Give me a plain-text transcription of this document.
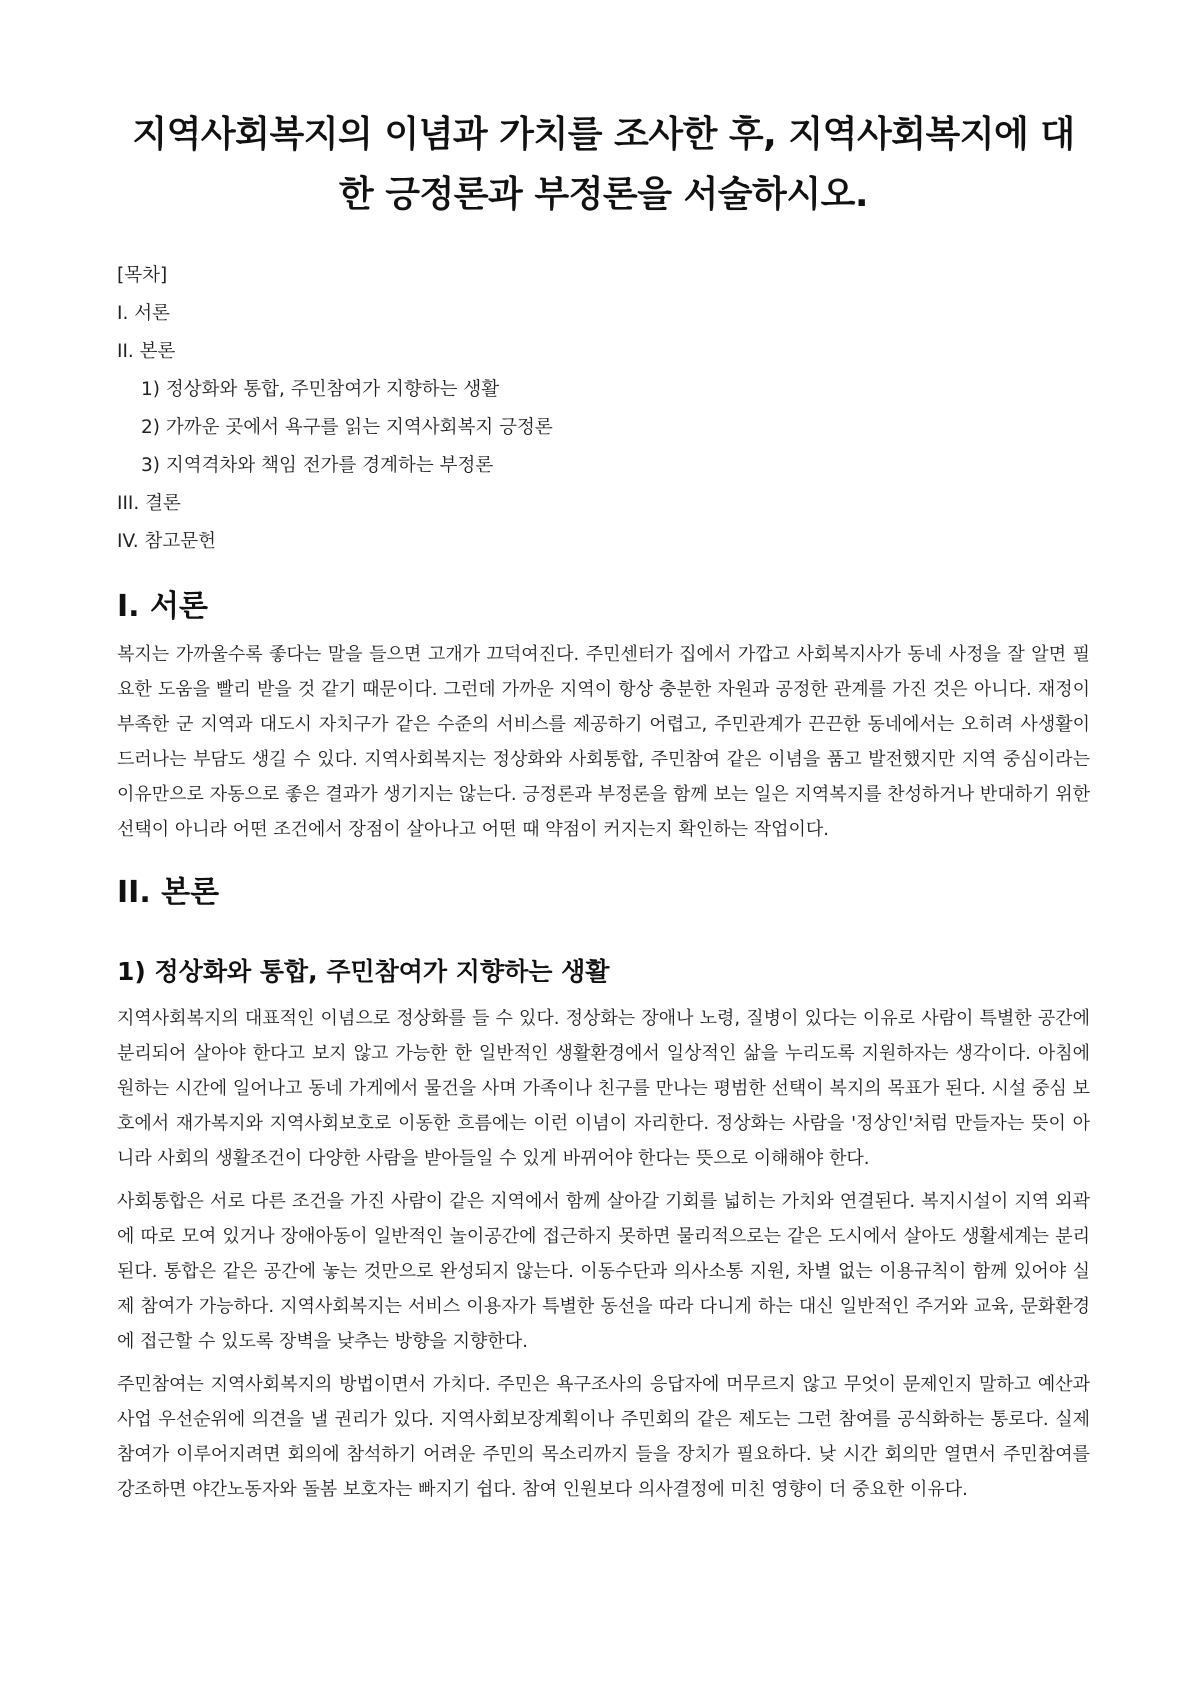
지역사회복지의 이념과 가치를 조사한 후, 지역사회복지에 대한 긍정론과 부정론을 서술하시오.
[목차]
I. 서론
II. 본론
1) 정상화와 통합, 주민참여가 지향하는 생활
2) 가까운 곳에서 욕구를 읽는 지역사회복지 긍정론
3) 지역격차와 책임 전가를 경계하는 부정론
III. 결론
IV. 참고문헌
I. 서론

복지는 가까울수록 좋다는 말을 들으면 고개가 끄덕여진다. 주민센터가 집에서 가깝고 사회복지사가 동네 사정을 잘 알면 필요한 도움을 빨리 받을 것 같기 때문이다. 그런데 가까운 지역이 항상 충분한 자원과 공정한 관계를 가진 것은 아니다. 재정이 부족한 군 지역과 대도시 자치구가 같은 수준의 서비스를 제공하기 어렵고, 주민관계가 끈끈한 동네에서는 오히려 사생활이 드러나는 부담도 생길 수 있다. 지역사회복지는 정상화와 사회통합, 주민참여 같은 이념을 품고 발전했지만 지역 중심이라는 이유만으로 자동으로 좋은 결과가 생기지는 않는다. 긍정론과 부정론을 함께 보는 일은 지역복지를 찬성하거나 반대하기 위한 선택이 아니라 어떤 조건에서 장점이 살아나고 어떤 때 약점이 커지는지 확인하는 작업이다.

II. 본론
1) 정상화와 통합, 주민참여가 지향하는 생활

지역사회복지의 대표적인 이념으로 정상화를 들 수 있다. 정상화는 장애나 노령, 질병이 있다는 이유로 사람이 특별한 공간에 분리되어 살아야 한다고 보지 않고 가능한 한 일반적인 생활환경에서 일상적인 삶을 누리도록 지원하자는 생각이다. 아침에 원하는 시간에 일어나고 동네 가게에서 물건을 사며 가족이나 친구를 만나는 평범한 선택이 복지의 목표가 된다. 시설 중심 보호에서 재가복지와 지역사회보호로 이동한 흐름에는 이런 이념이 자리한다. 정상화는 사람을 '정상인'처럼 만들자는 뜻이 아니라 사회의 생활조건이 다양한 사람을 받아들일 수 있게 바뀌어야 한다는 뜻으로 이해해야 한다.

사회통합은 서로 다른 조건을 가진 사람이 같은 지역에서 함께 살아갈 기회를 넓히는 가치와 연결된다. 복지시설이 지역 외곽에 따로 모여 있거나 장애아동이 일반적인 놀이공간에 접근하지 못하면 물리적으로는 같은 도시에서 살아도 생활세계는 분리된다. 통합은 같은 공간에 놓는 것만으로 완성되지 않는다. 이동수단과 의사소통 지원, 차별 없는 이용규칙이 함께 있어야 실제 참여가 가능하다. 지역사회복지는 서비스 이용자가 특별한 동선을 따라 다니게 하는 대신 일반적인 주거와 교육, 문화환경에 접근할 수 있도록 장벽을 낮추는 방향을 지향한다.

주민참여는 지역사회복지의 방법이면서 가치다. 주민은 욕구조사의 응답자에 머무르지 않고 무엇이 문제인지 말하고 예산과 사업 우선순위에 의견을 낼 권리가 있다. 지역사회보장계획이나 주민회의 같은 제도는 그런 참여를 공식화하는 통로다. 실제 참여가 이루어지려면 회의에 참석하기 어려운 주민의 목소리까지 들을 장치가 필요하다. 낮 시간 회의만 열면서 주민참여를 강조하면 야간노동자와 돌봄 보호자는 빠지기 쉽다. 참여 인원보다 의사결정에 미친 영향이 더 중요한 이유다.
